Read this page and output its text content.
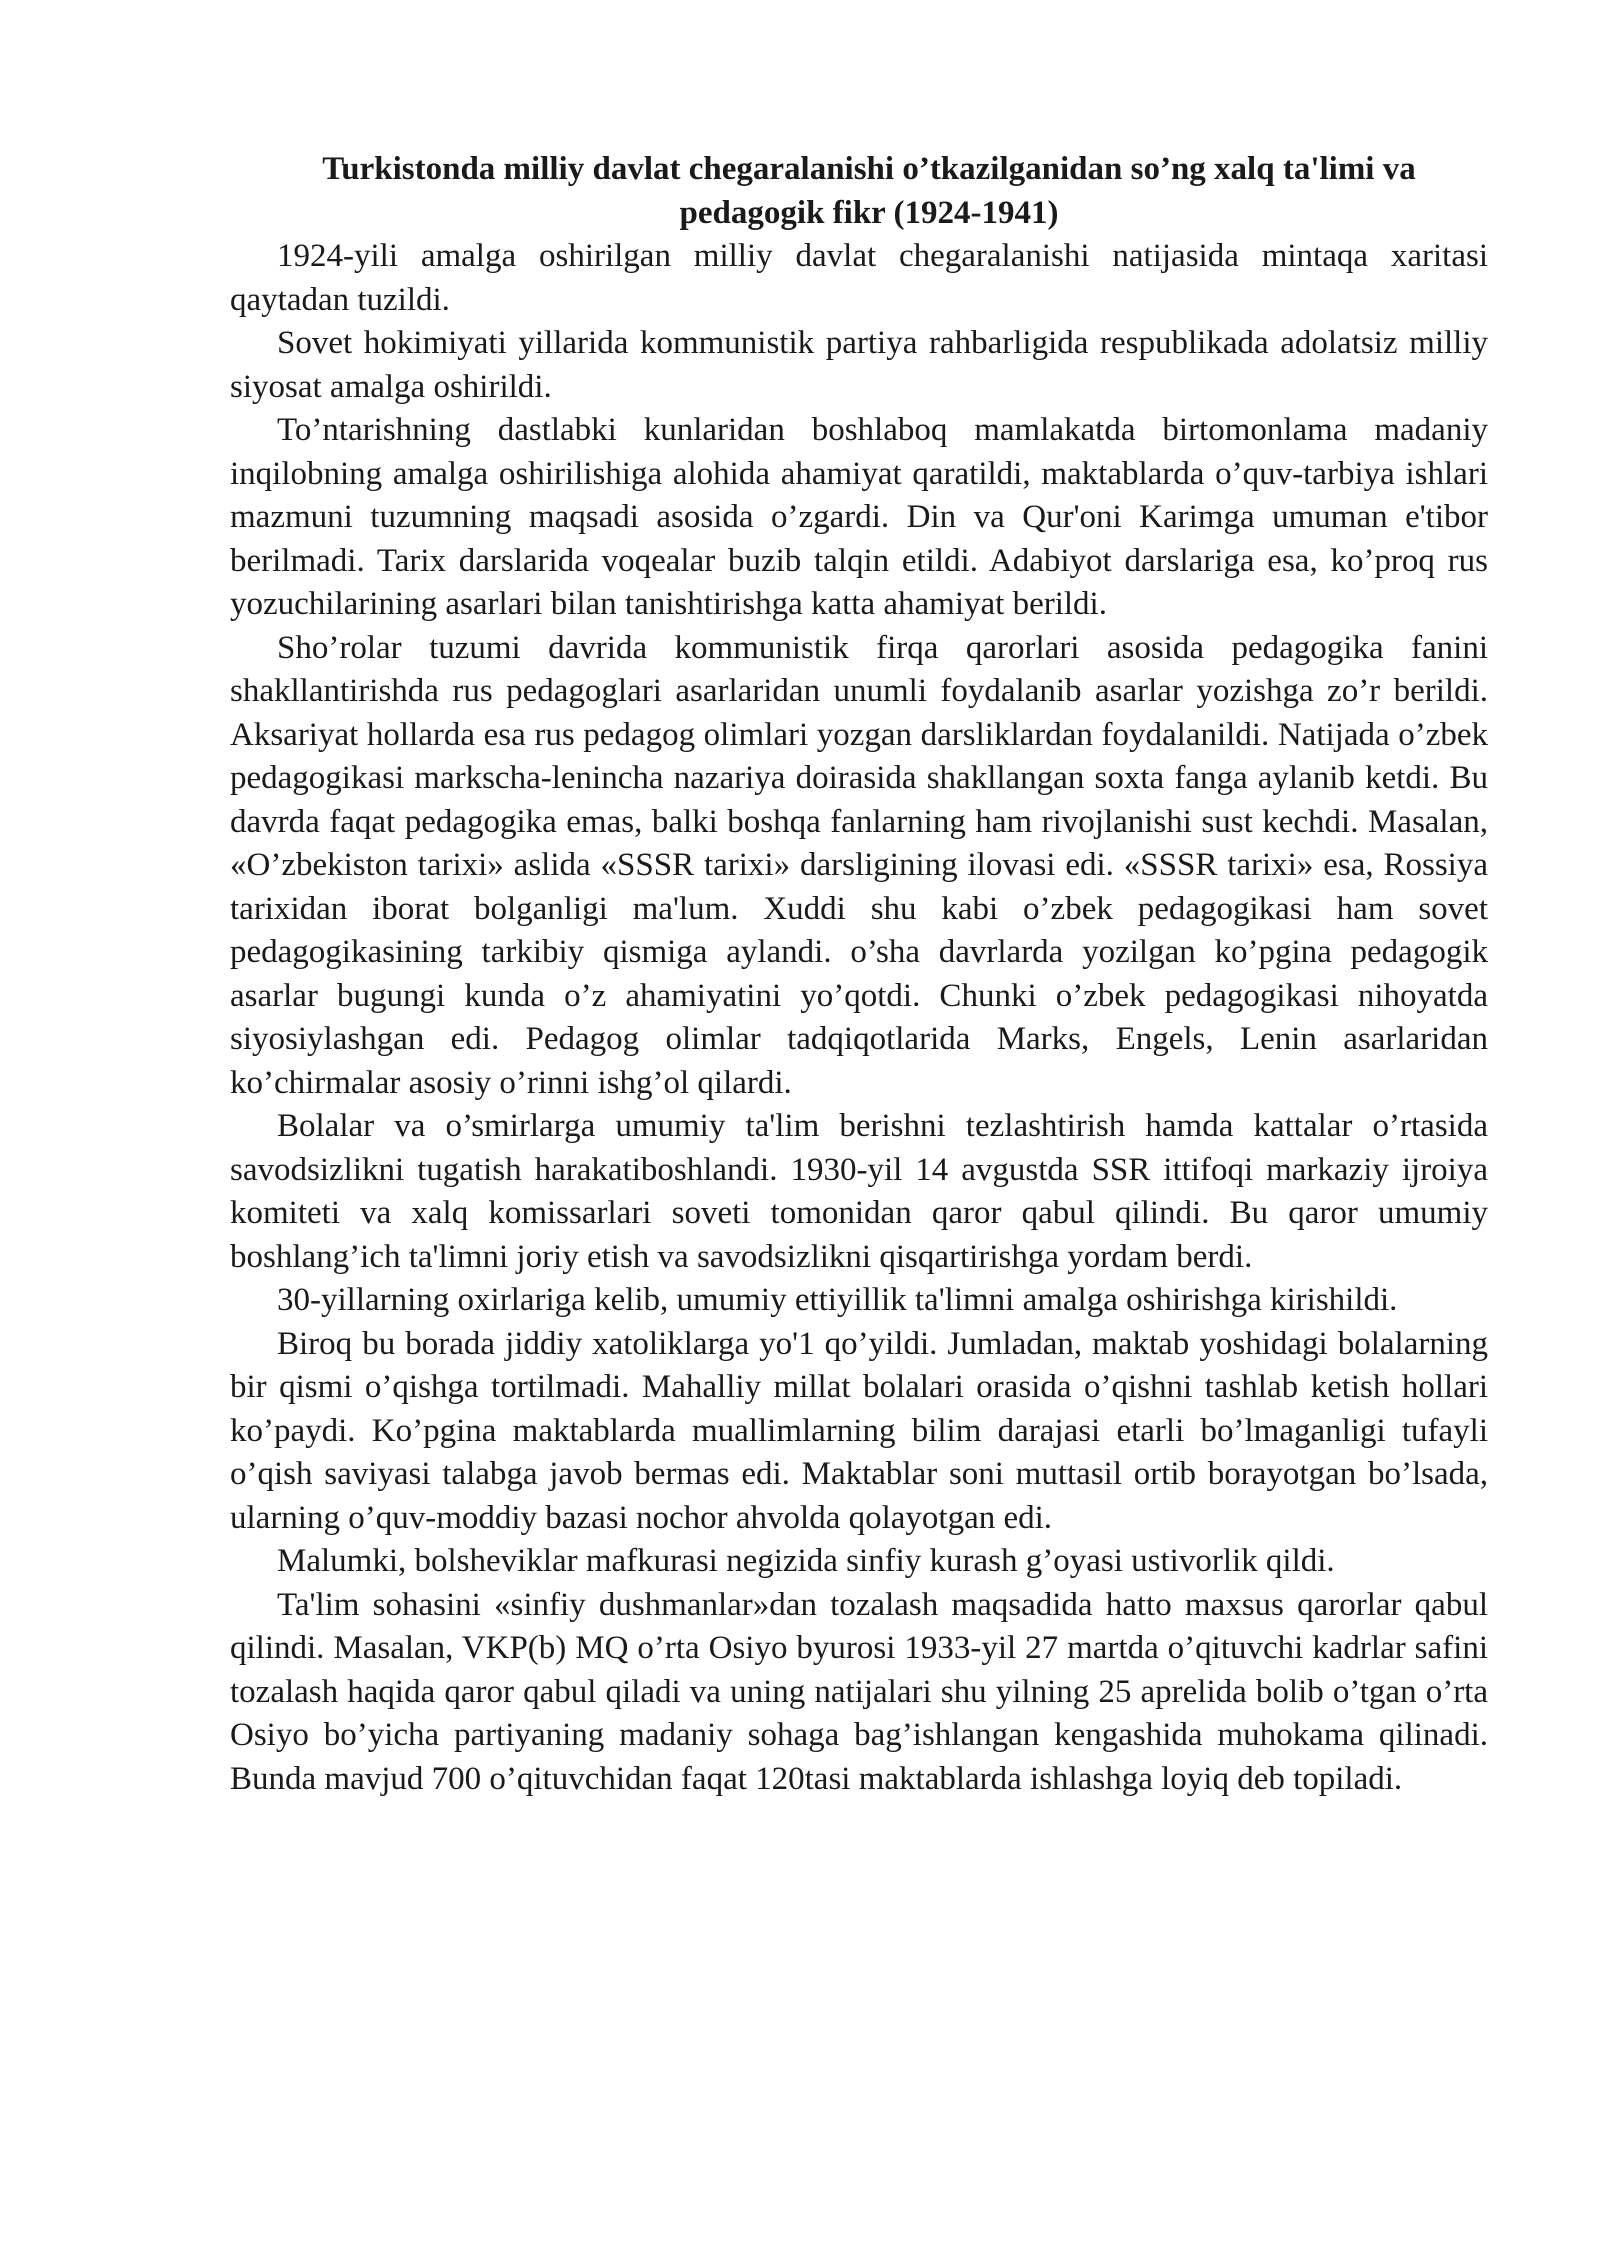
Turkistonda milliy davlat chegaralanishi o’tkazilganidan so’ng xalq ta'limi va pedagogik fikr (1924-1941)

1924-yili amalga oshirilgan milliy davlat chegaralanishi natijasida mintaqa xaritasi qaytadan tuzildi.

Sovet hokimiyati yillarida kommunistik partiya rahbarligida respublikada adolatsiz milliy siyosat amalga oshirildi.

To’ntarishning dastlabki kunlaridan boshlaboq mamlakatda birtomonlama madaniy inqilobning amalga oshirilishiga alohida ahamiyat qaratildi, maktablarda o’quv-tarbiya ishlari mazmuni tuzumning maqsadi asosida o’zgardi. Din va Qur'oni Karimga umuman e'tibor berilmadi. Tarix darslarida voqealar buzib talqin etildi. Adabiyot darslariga esa, ko’proq rus yozuchilarining asarlari bilan tanishtirishga katta ahamiyat berildi.

Sho’rolar tuzumi davrida kommunistik firqa qarorlari asosida pedagogika fanini shakllantirishda rus pedagoglari asarlaridan unumli foydalanib asarlar yozishga zo’r berildi. Aksariyat hollarda esa rus pedagog olimlari yozgan darsliklardan foydalanildi. Natijada o’zbek pedagogikasi markscha-lenincha nazariya doirasida shakllangan soxta fanga aylanib ketdi. Bu davrda faqat pedagogika emas, balki boshqa fanlarning ham rivojlanishi sust kechdi. Masalan, «O’zbekiston tarixi» aslida «SSSR tarixi» darsligining ilovasi edi. «SSSR tarixi» esa, Rossiya tarixidan iborat bolganligi ma'lum. Xuddi shu kabi o’zbek pedagogikasi ham sovet pedagogikasining tarkibiy qismiga aylandi. o’sha davrlarda yozilgan ko’pgina pedagogik asarlar bugungi kunda o’z ahamiyatini yo’qotdi. Chunki o’zbek pedagogikasi nihoyatda siyosiylashgan edi. Pedagog olimlar tadqiqotlarida Marks, Engels, Lenin asarlaridan ko’chirmalar asosiy o’rinni ishg’ol qilardi.

Bolalar va o’smirlarga umumiy ta'lim berishni tezlashtirish hamda kattalar o’rtasida savodsizlikni tugatish harakatiboshlandi. 1930-yil 14 avgustda SSR ittifoqi markaziy ijroiya komiteti va xalq komissarlari soveti tomonidan qaror qabul qilindi. Bu qaror umumiy boshlang’ich ta'limni joriy etish va savodsizlikni qisqartirishga yordam berdi.

30-yillarning oxirlariga kelib, umumiy ettiyillik ta'limni amalga oshirishga kirishildi.

Biroq bu borada jiddiy xatoliklarga yo'1 qo’yildi. Jumladan, maktab yoshidagi bolalarning bir qismi o’qishga tortilmadi. Mahalliy millat bolalari orasida o’qishni tashlab ketish hollari ko’paydi. Ko’pgina maktablarda muallimlarning bilim darajasi etarli bo’lmaganligi tufayli o’qish saviyasi talabga javob bermas edi. Maktablar soni muttasil ortib borayotgan bo’lsada, ularning o’quv-moddiy bazasi nochor ahvolda qolayotgan edi.

Malumki, bolsheviklar mafkurasi negizida sinfiy kurash g’oyasi ustivorlik qildi.

Ta'lim sohasini «sinfiy dushmanlar»dan tozalash maqsadida hatto maxsus qarorlar qabul qilindi. Masalan, VKP(b) MQ o’rta Osiyo byurosi 1933-yil 27 martda o’qituvchi kadrlar safini tozalash haqida qaror qabul qiladi va uning natijalari shu yilning 25 aprelida bolib o’tgan o’rta Osiyo bo’yicha partiyaning madaniy sohaga bag’ishlangan kengashida muhokama qilinadi. Bunda mavjud 700 o’qituvchidan faqat 120tasi maktablarda ishlashga loyiq deb topiladi.
